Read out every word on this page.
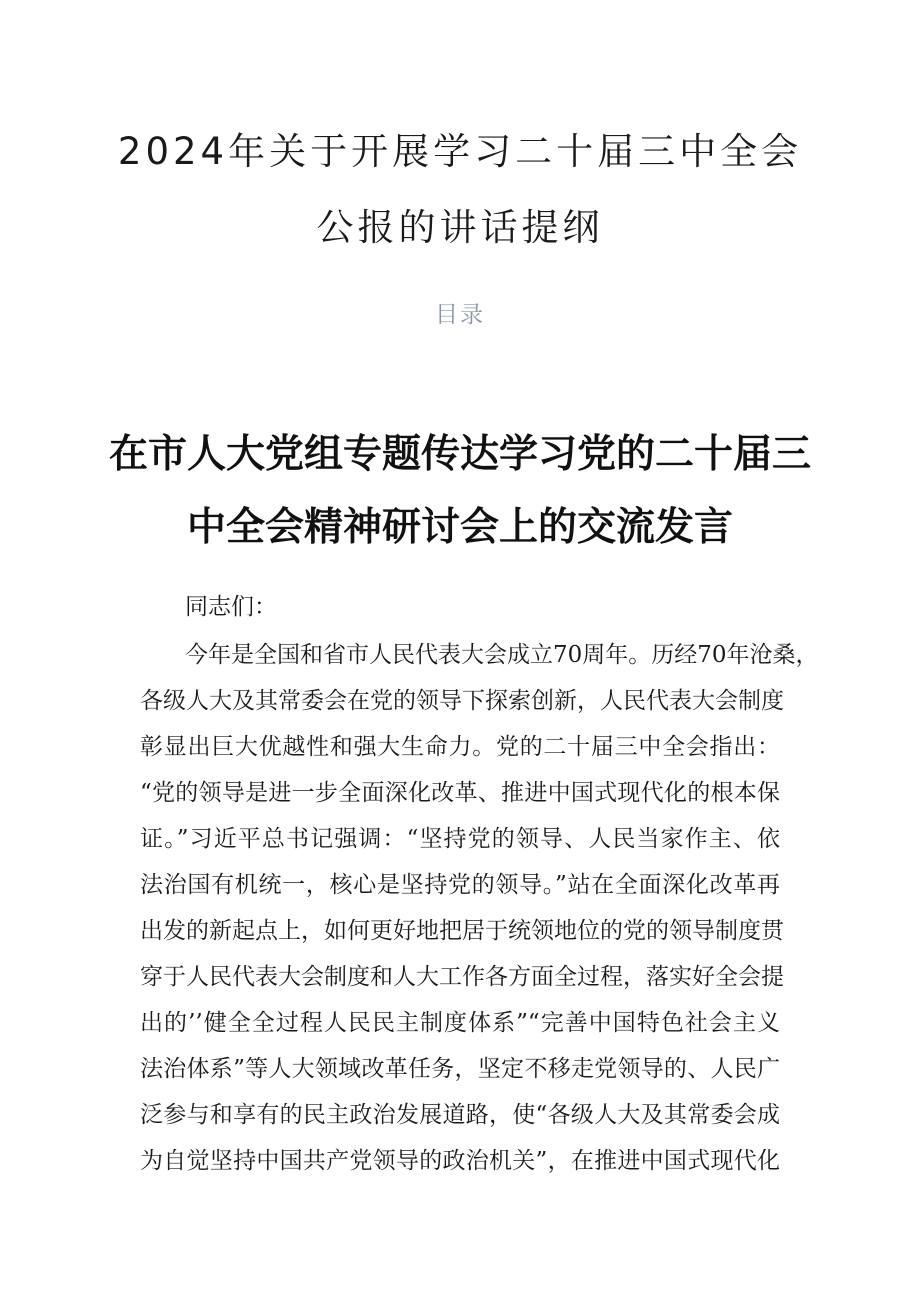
2024年关于开展学习二十届三中全会
公报的讲话提纲
目录
在市人大党组专题传达学习党的二十届三
中全会精神研讨会上的交流发言
同志们：
今年是全国和省市人民代表大会成立70周年。历经70年沧桑，
各级人大及其常委会在党的领导下探索创新，人民代表大会制度
彰显出巨大优越性和强大生命力。党的二十届三中全会指出：
“党的领导是进一步全面深化改革、推进中国式现代化的根本保
证。”习近平总书记强调：“坚持党的领导、人民当家作主、依
法治国有机统一，核心是坚持党的领导。”站在全面深化改革再
出发的新起点上，如何更好地把居于统领地位的党的领导制度贯
穿于人民代表大会制度和人大工作各方面全过程，落实好全会提
出的’’健全全过程人民民主制度体系”“完善中国特色社会主义
法治体系”等人大领域改革任务，坚定不移走党领导的、人民广
泛参与和享有的民主政治发展道路，使“各级人大及其常委会成
为自觉坚持中国共产党领导的政治机关”，在推进中国式现代化
